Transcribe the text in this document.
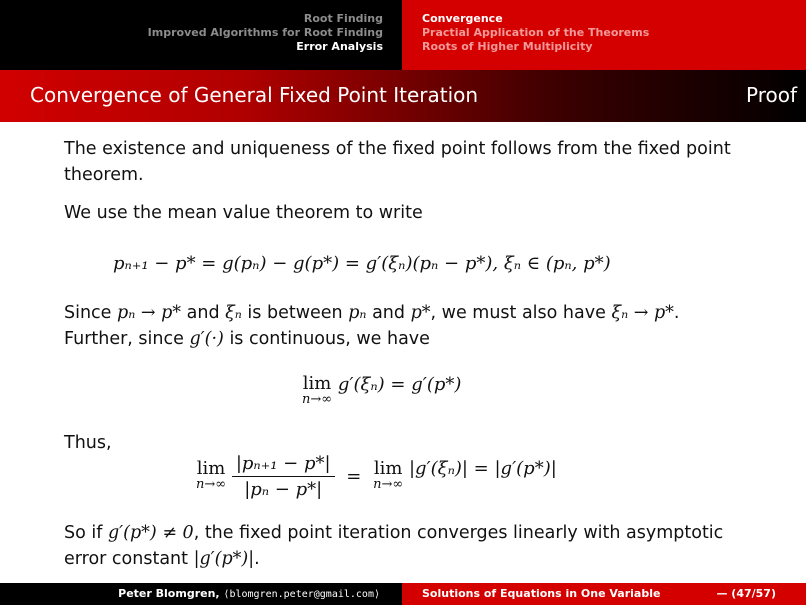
Root Finding
Improved Algorithms for Root Finding
Error Analysis
Convergence
Practial Application of the Theorems
Roots of Higher Multiplicity
Convergence of General Fixed Point Iteration	Proof

The existence and uniqueness of the fixed point follows from the fixed point theorem.

We use the mean value theorem to write

pₙ₊₁ − p* = g(pₙ) − g(p*) = g′(ξₙ)(pₙ − p*), ξₙ ∈ (pₙ, p*)

Since pₙ → p* and ξₙ is between pₙ and p*, we must also have ξₙ → p*.

Further, since g′(·) is continuous, we have

lim
n→∞
g′(ξₙ) = g′(p*)

Thus,

lim
n→∞
$\frac{\text{|pₙ₊₁ − p*|}}{\text{|pₙ − p*|}} = \lim$
n→∞
|g′(ξₙ)| = |g′(p*)|

So if g′(p*) ≠ 0, the fixed point iteration converges linearly with asymptotic error constant |g′(p*)|.

Peter Blomgren, ⟨blomgren.peter@gmail.com⟩	Solutions of Equations in One Variable	— (47/57)
